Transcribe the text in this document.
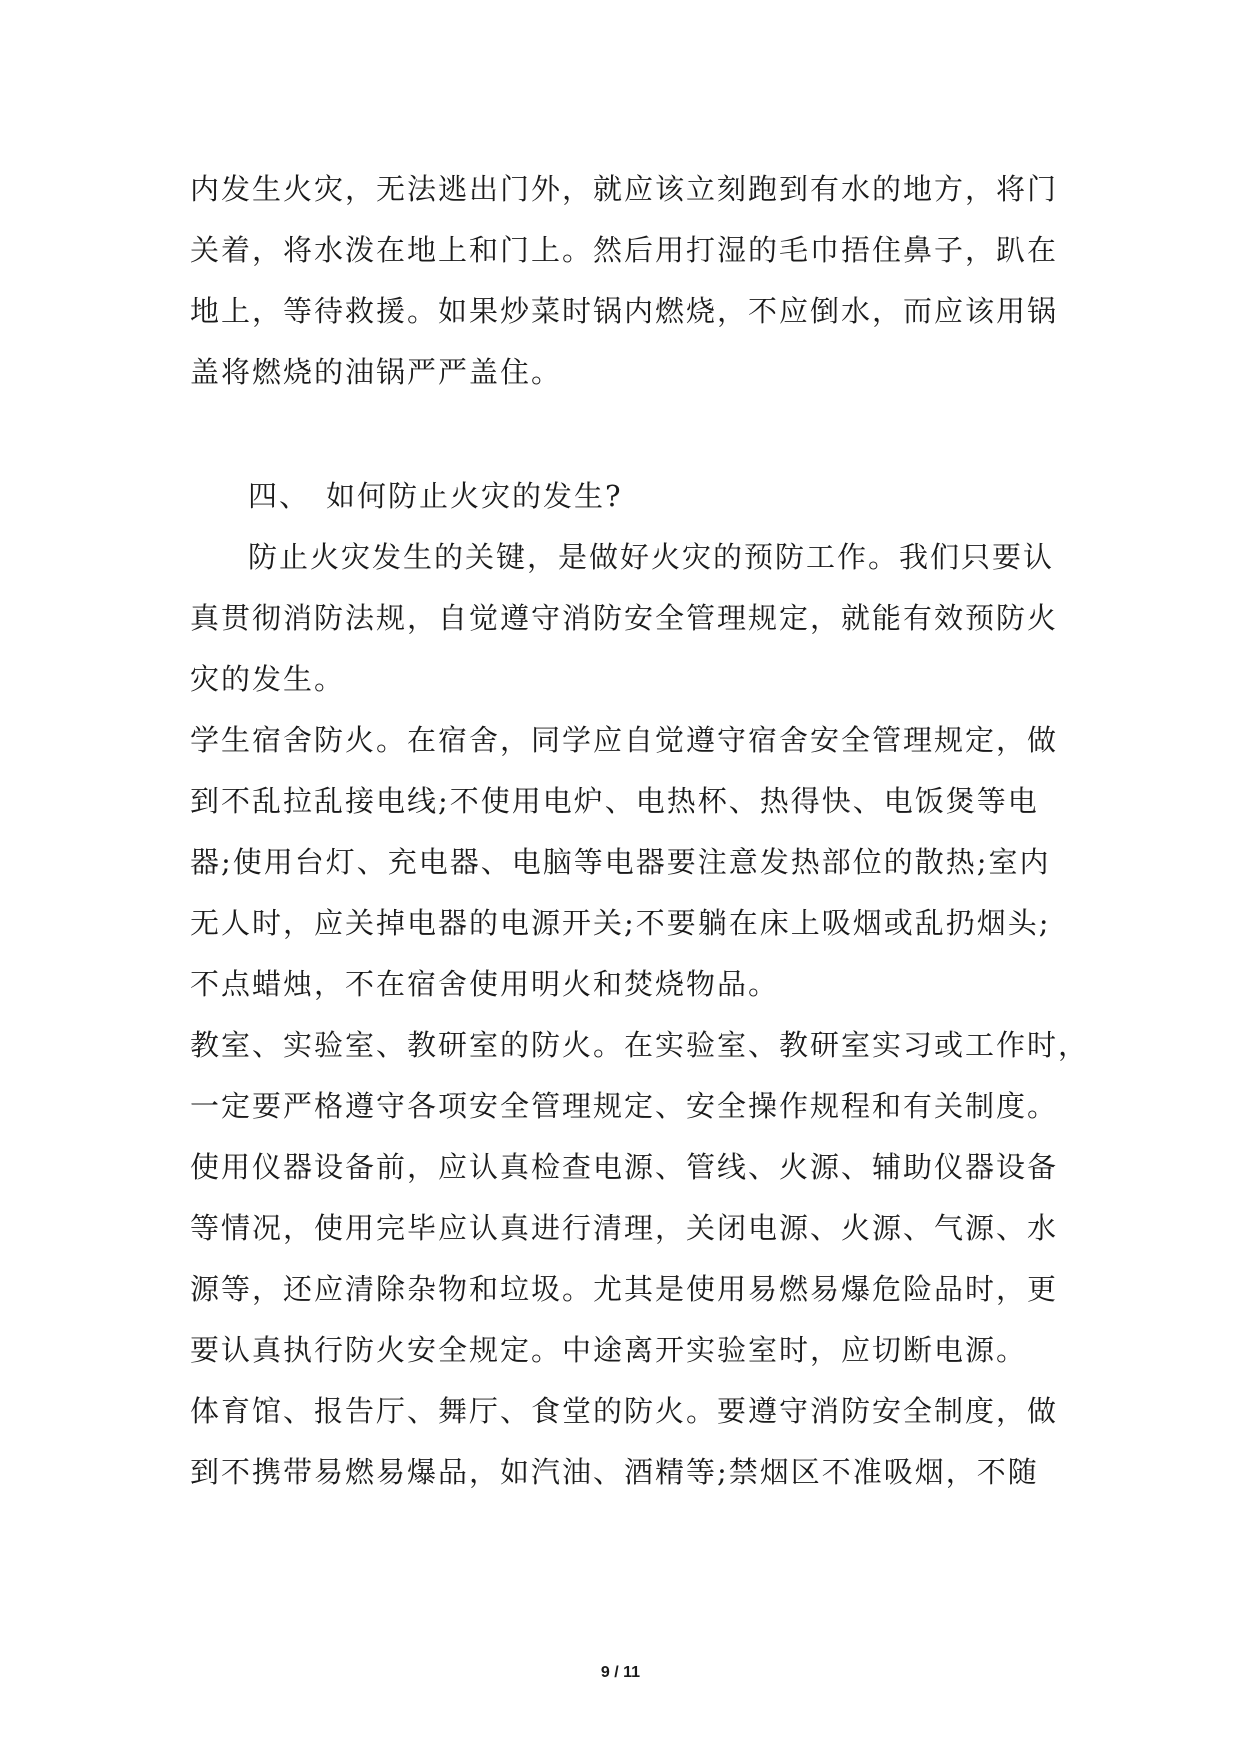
内发生火灾，无法逃出门外，就应该立刻跑到有水的地方，将门
关着，将水泼在地上和门上。然后用打湿的毛巾捂住鼻子，趴在
地上，等待救援。如果炒菜时锅内燃烧，不应倒水，而应该用锅
盖将燃烧的油锅严严盖住。
四、 如何防止火灾的发生?
防止火灾发生的关键，是做好火灾的预防工作。我们只要认
真贯彻消防法规，自觉遵守消防安全管理规定，就能有效预防火
灾的发生。
学生宿舍防火。在宿舍，同学应自觉遵守宿舍安全管理规定，做
到不乱拉乱接电线;不使用电炉、电热杯、热得快、电饭煲等电
器;使用台灯、充电器、电脑等电器要注意发热部位的散热;室内
无人时，应关掉电器的电源开关;不要躺在床上吸烟或乱扔烟头;
不点蜡烛，不在宿舍使用明火和焚烧物品。
教室、实验室、教研室的防火。在实验室、教研室实习或工作时，
一定要严格遵守各项安全管理规定、安全操作规程和有关制度。
使用仪器设备前，应认真检查电源、管线、火源、辅助仪器设备
等情况，使用完毕应认真进行清理，关闭电源、火源、气源、水
源等，还应清除杂物和垃圾。尤其是使用易燃易爆危险品时，更
要认真执行防火安全规定。中途离开实验室时，应切断电源。
体育馆、报告厅、舞厅、食堂的防火。要遵守消防安全制度，做
到不携带易燃易爆品，如汽油、酒精等;禁烟区不准吸烟，不随
9 / 11
